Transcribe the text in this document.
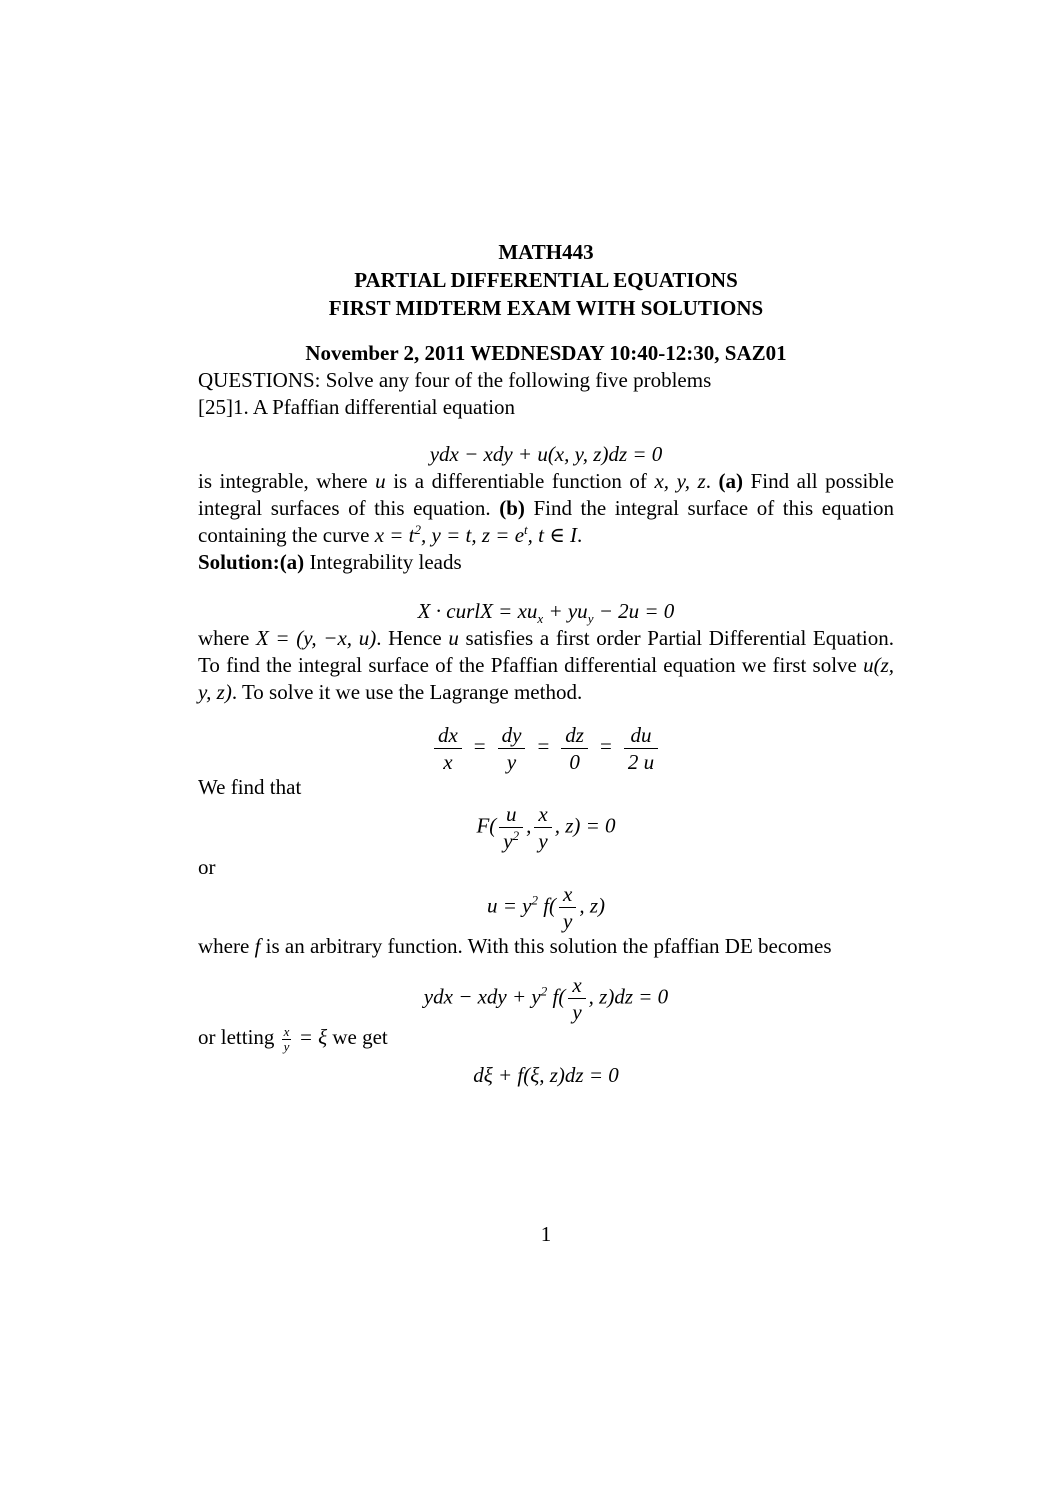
MATH443
PARTIAL DIFFERENTIAL EQUATIONS
FIRST MIDTERM EXAM WITH SOLUTIONS
November 2, 2011 WEDNESDAY 10:40-12:30, SAZ01

QUESTIONS: Solve any four of the following five problems

[25]1. A Pfaffian differential equation

ydx − xdy + u(x, y, z)dz = 0

is integrable, where u is a differentiable function of x, y, z. (a) Find all possible integral surfaces of this equation. (b) Find the integral surface of this equation containing the curve $x = t^2$, y = t, $z = e^t$, t ∈ I.

Solution:(a) Integrability leads

X · curlX = $xu_x + yu_y - 2u = 0$

where X = (y, −x, u). Hence u satisfies a first order Partial Differential Equation. To find the integral surface of the Pfaffian differential equation we first solve u(z, y, z). To solve it we use the Lagrange method.

$\frac{dx}{x} = \frac{dy}{y} = \frac{dz}{0} = \frac{du}{2 u}$

We find that

$F( \frac{u}{y^2}$ , $\frac{x}{y}$ , z) = 0

or

$u = y^2$ $f( \frac{x}{y}$ , z)

where f is an arbitrary function. With this solution the pfaffian DE becomes

ydx − xdy + $y^2$ $f( \frac{x}{y}$ , z)dz = 0

or letting $\frac{x}{y} = \xi$ we get

dξ + f(ξ, z)dz = 0
1
